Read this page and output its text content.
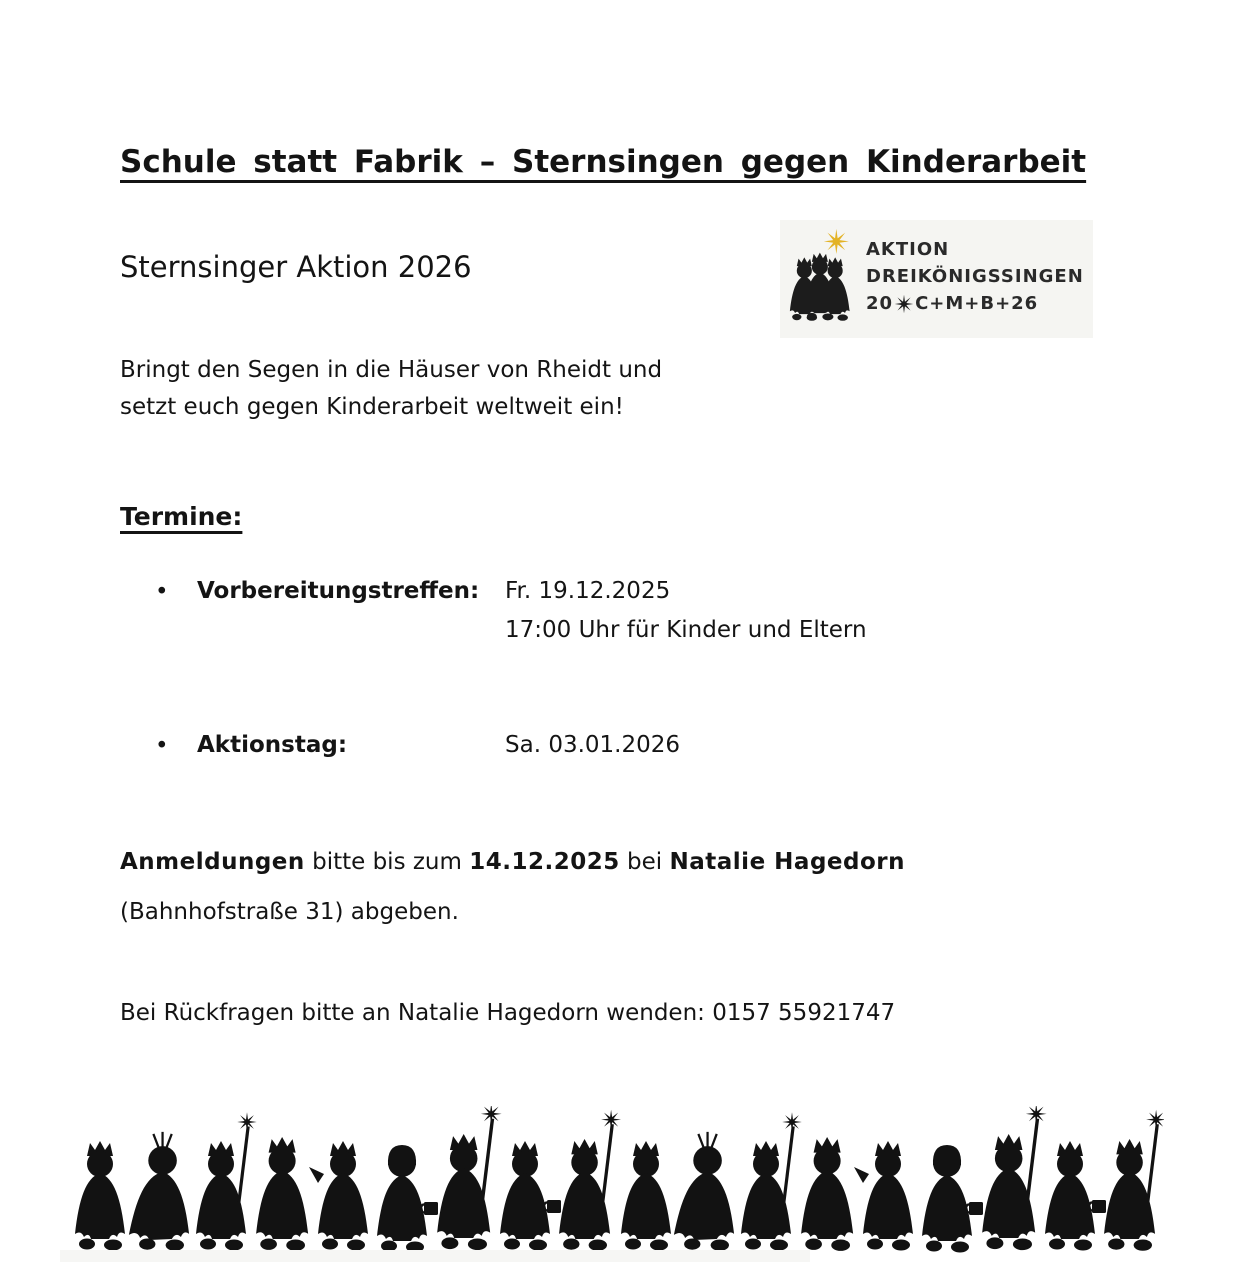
Schule statt Fabrik – Sternsingen gegen Kinderarbeit
Sternsinger Aktion 2026
AKTION
DREIKÖNIGSSINGEN
20 C+M+B+26
Bringt den Segen in die Häuser von Rheidt und
setzt euch gegen Kinderarbeit weltweit ein!
Termine:
• Vorbereitungstreffen: Fr. 19.12.2025
17:00 Uhr für Kinder und Eltern
• Aktionstag:	Sa. 03.01.2026
Anmeldungen bitte bis zum 14.12.2025 bei Natalie Hagedorn
(Bahnhofstraße 31) abgeben.
Bei Rückfragen bitte an Natalie Hagedorn wenden: 0157 55921747
